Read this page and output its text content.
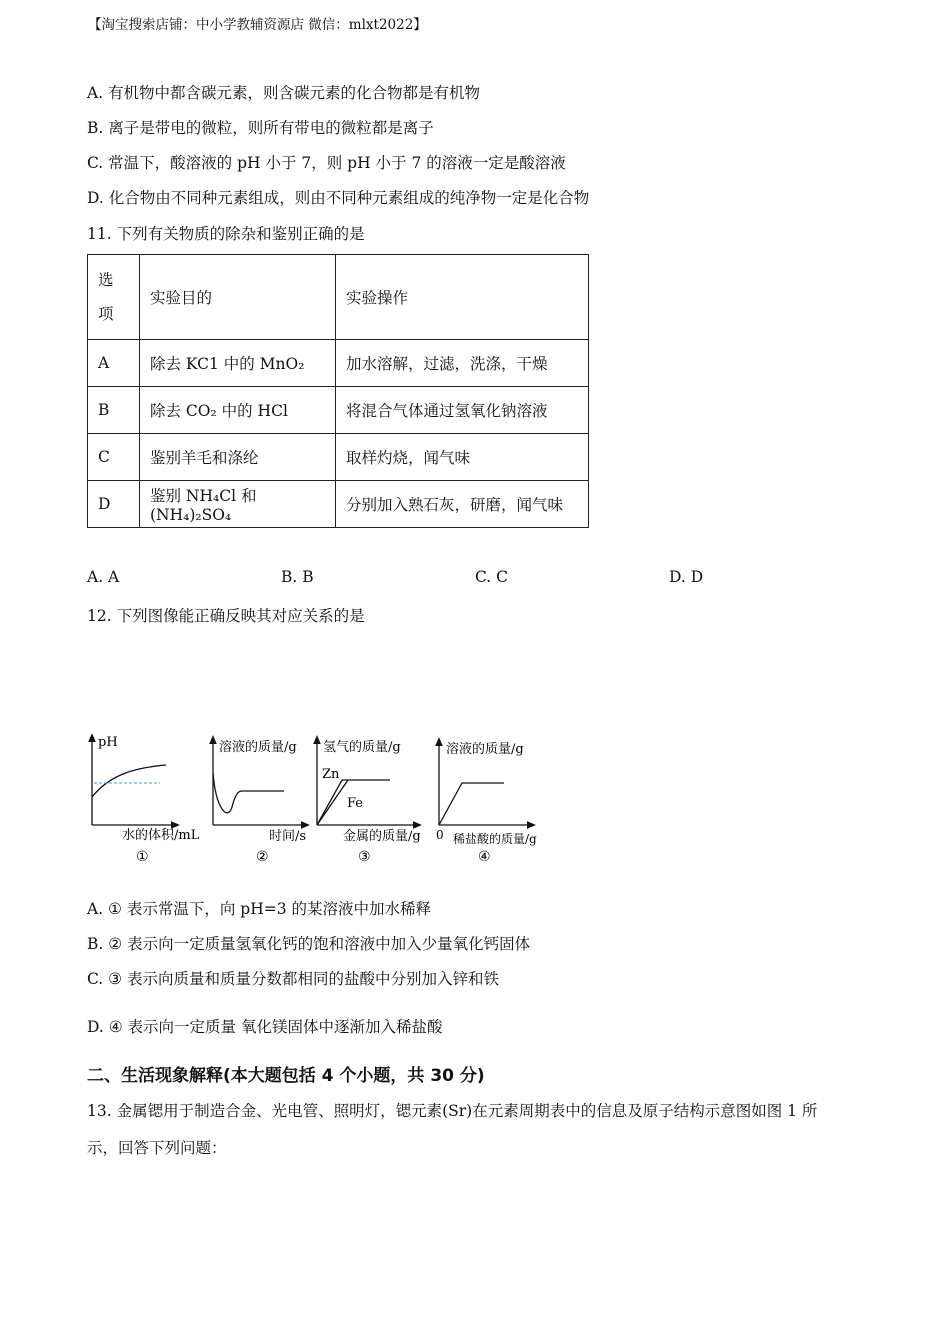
【淘宝搜索店铺：中小学教辅资源店 微信：mlxt2022】
A. 有机物中都含碳元素，则含碳元素的化合物都是有机物
B. 离子是带电的微粒，则所有带电的微粒都是离子
C. 常温下，酸溶液的 pH 小于 7，则 pH 小于 7 的溶液一定是酸溶液
D. 化合物由不同种元素组成，则由不同种元素组成的纯净物一定是化合物
11. 下列有关物质的除杂和鉴别正确的是
选
项	实验目的	实验操作
A	除去 KC1 中的 MnO₂	加水溶解，过滤，洗涤，干燥
B	除去 CO₂ 中的 HCl	将混合气体通过氢氧化钠溶液
C	鉴别羊毛和涤纶	取样灼烧，闻气味
D	鉴别 NH₄Cl 和(NH₄)₂SO₄	分别加入熟石灰，研磨，闻气味
A. A	B. B	C. C	D. D
12. 下列图像能正确反映其对应关系的是
pH
水的体积/mL
①
溶液的质量/g
时间/s
②
氢气的质量/g
Zn
Fe
金属的质量/g
③
溶液的质量/g
0 稀盐酸的质量/g
④
A. ① 表示常温下，向 pH=3 的某溶液中加水稀释
B. ② 表示向一定质量氢氧化钙的饱和溶液中加入少量氧化钙固体
C. ③ 表示向质量和质量分数都相同的盐酸中分别加入锌和铁
D. ④ 表示向一定质量 氧化镁固体中逐渐加入稀盐酸
二、生活现象解释(本大题包括 4 个小题，共 30 分)
13. 金属锶用于制造合金、光电管、照明灯，锶元素(Sr)在元素周期表中的信息及原子结构示意图如图 1 所
示，回答下列问题：
